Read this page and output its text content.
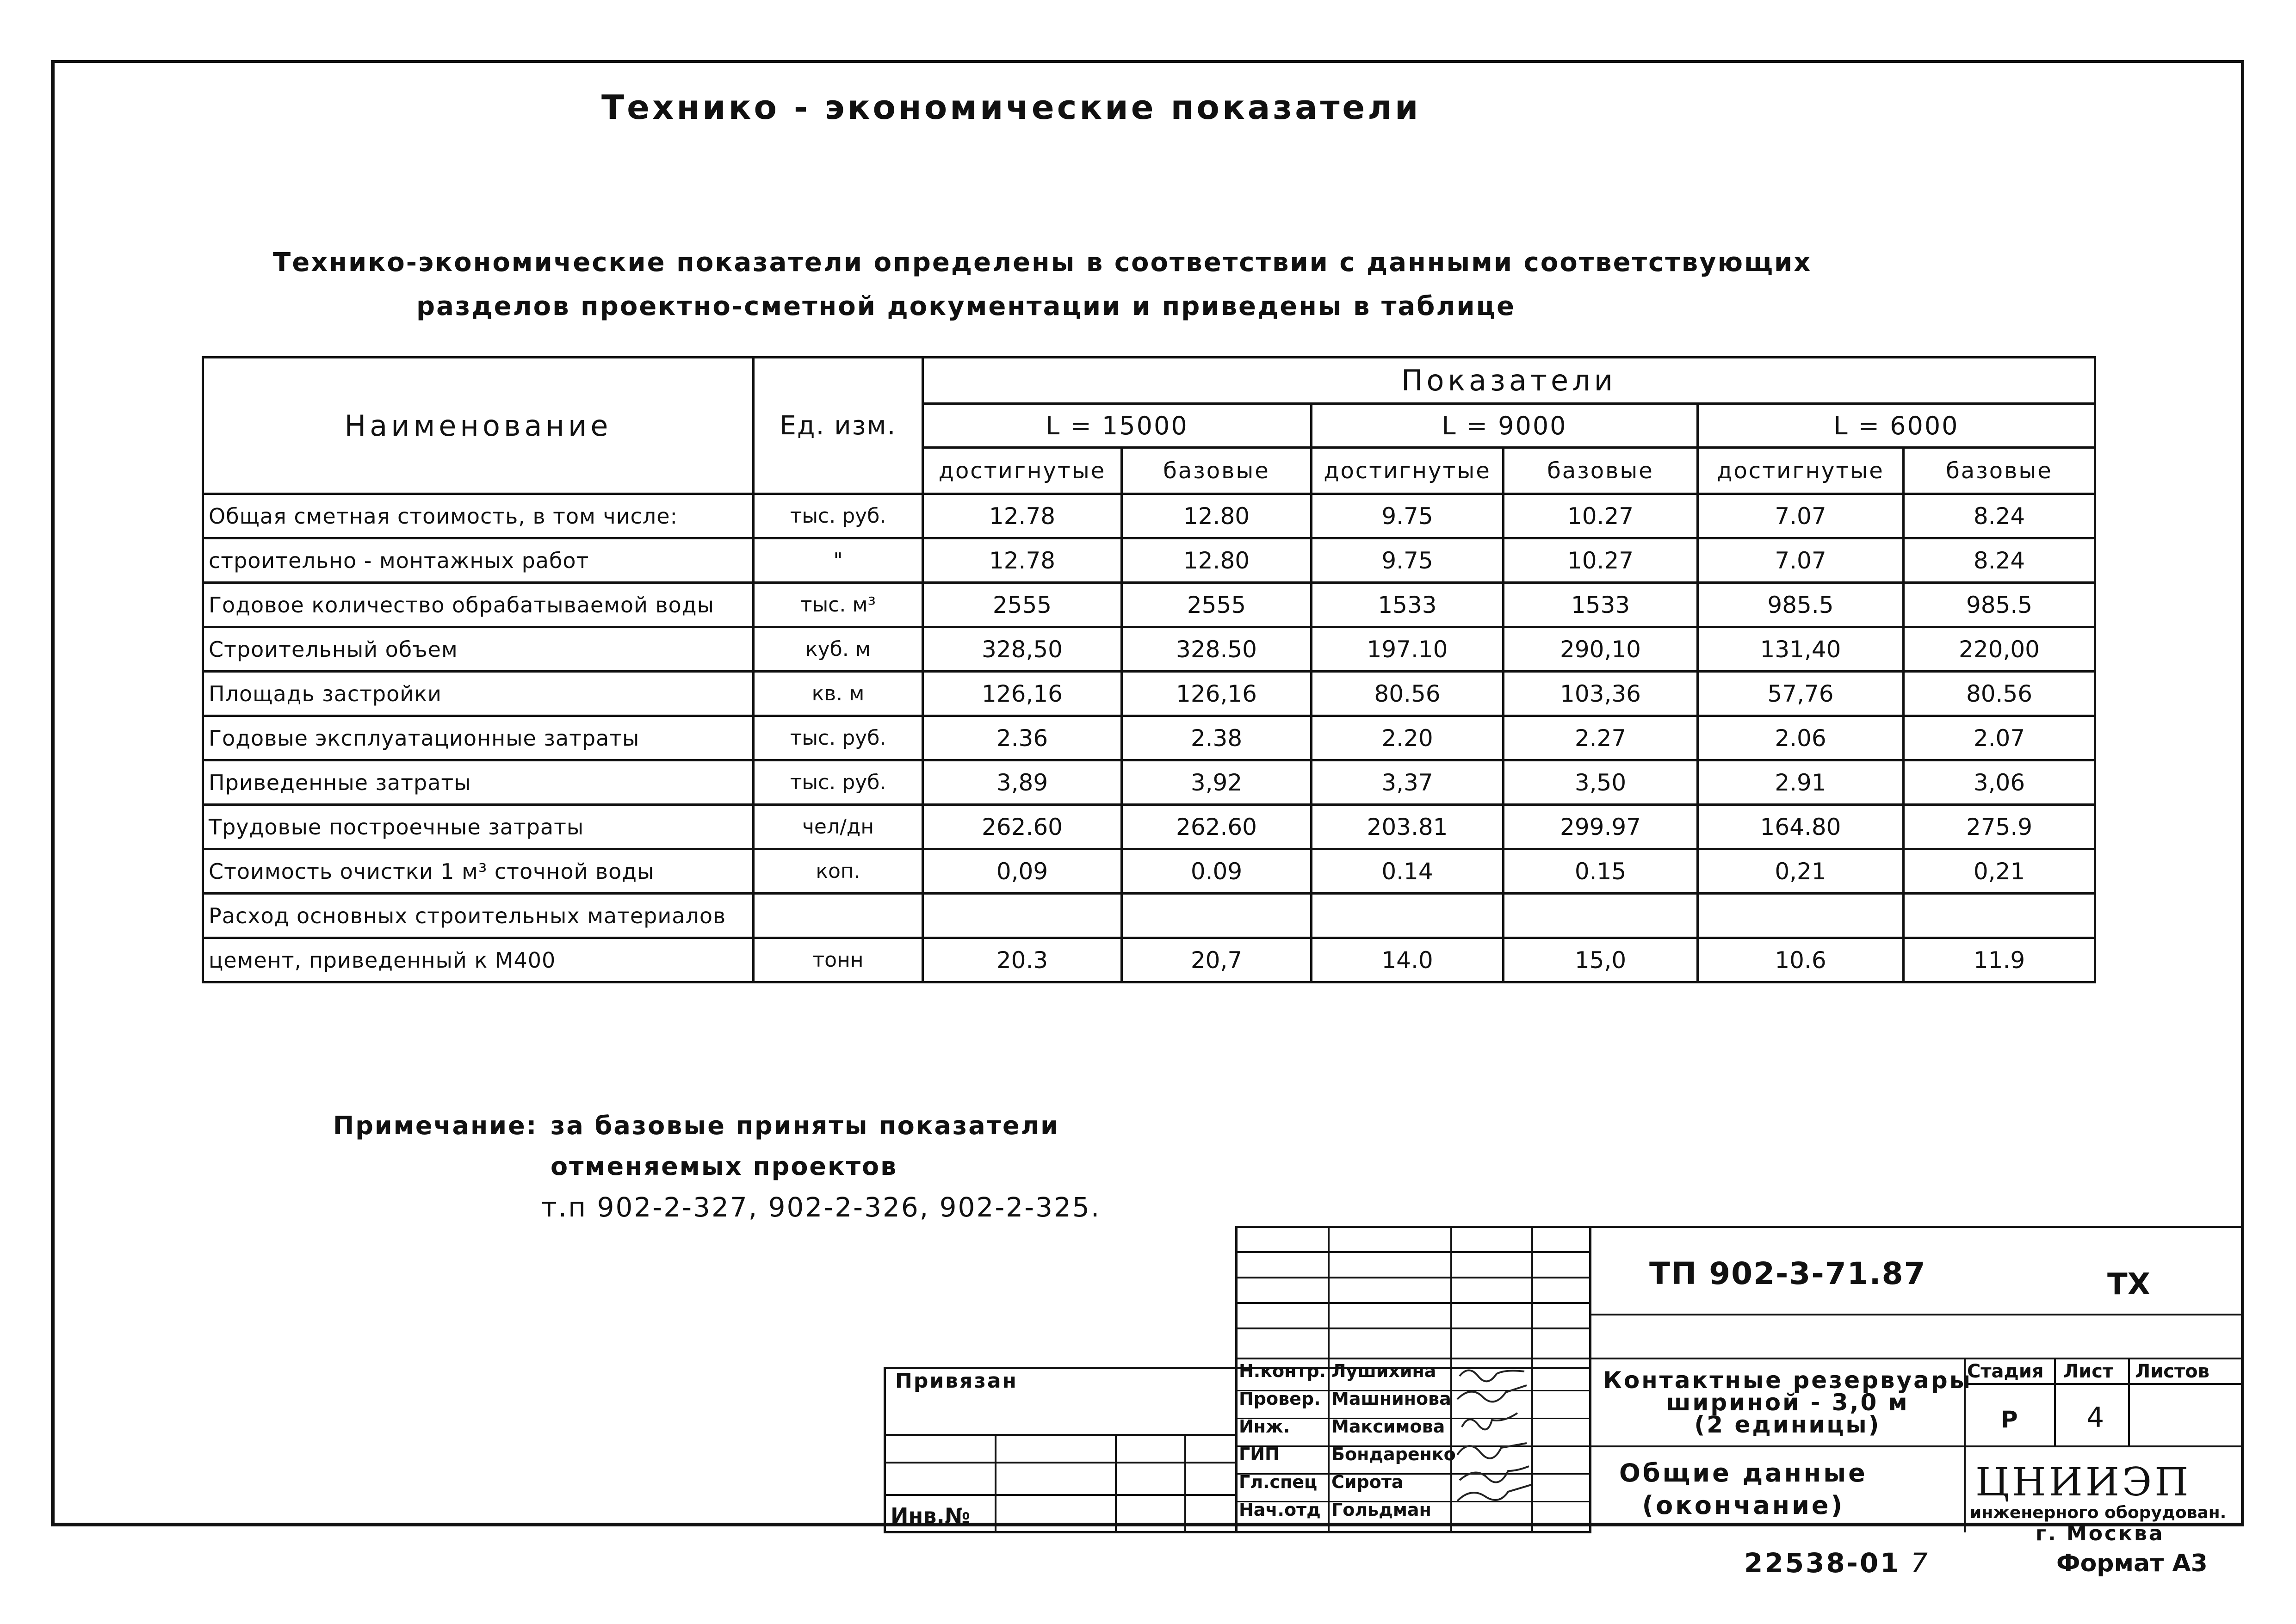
Технико - экономические показатели
Технико-экономические показатели определены в соответствии с данными соответствующих
разделов проектно-сметной документации и приведены в таблице
Наименование	Ед. изм.	Показатели					
		L = 15000		L = 9000		L = 6000	
		достигнутые	базовые	достигнутые	базовые	достигнутые	базовые
Общая сметная стоимость, в том числе:	тыс. руб.	12.78	12.80	9.75	10.27	7.07	8.24
строительно - монтажных работ	"	12.78	12.80	9.75	10.27	7.07	8.24
Годовое количество обрабатываемой воды	тыс. м³	2555	2555	1533	1533	985.5	985.5
Строительный объем	куб. м	328,50	328.50	197.10	290,10	131,40	220,00
Площадь застройки	кв. м	126,16	126,16	80.56	103,36	57,76	80.56
Годовые эксплуатационные затраты	тыс. руб.	2.36	2.38	2.20	2.27	2.06	2.07
Приведенные затраты	тыс. руб.	3,89	3,92	3,37	3,50	2.91	3,06
Трудовые построечные затраты	чел/дн	262.60	262.60	203.81	299.97	164.80	275.9
Стоимость очистки 1 м³ сточной воды	коп.	0,09	0.09	0.14	0.15	0,21	0,21
Расход основных строительных материалов							
цемент, приведенный к М400	тонн	20.3	20,7	14.0	15,0	10.6	11.9
Примечание: за базовые приняты показатели
отменяемых проектов
т.п 902-2-327, 902-2-326, 902-2-325.
ТП 902-3-71.87	ТХ
Привязан
Инв.№
Н.контр. Лушихина
Провер. Машнинова
Инж. Максимова
ГИП	Бондаренко
Гл.спец Сирота
Нач.отд Гольдман
Контактные резервуары
шириной - 3,0 м
(2 единицы)
Общие данные
(окончание)
Стадия Лист Листов
Р 4
ЦНИИЭП
инженерного оборудован.
г. Москва
22538-01 7	Формат А3
